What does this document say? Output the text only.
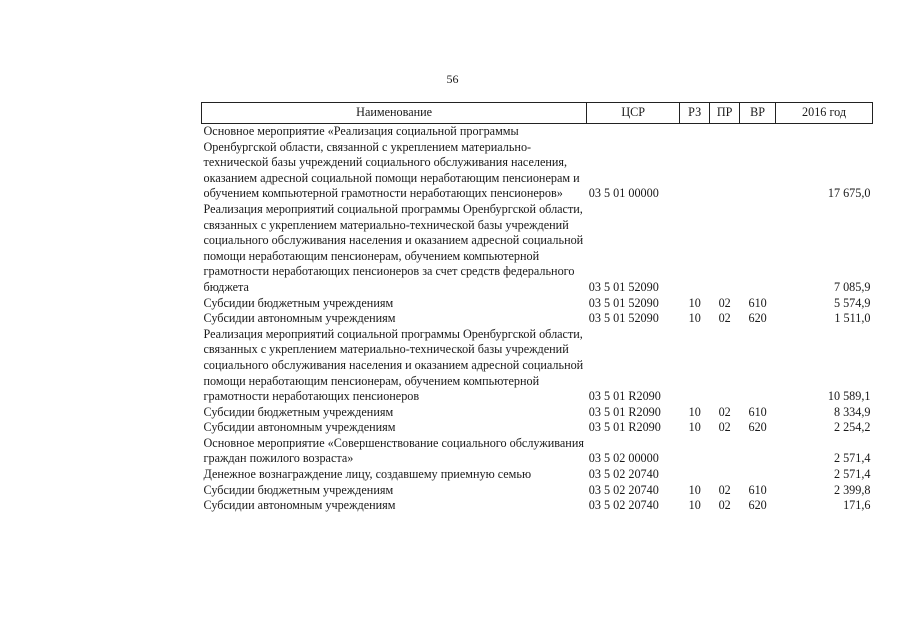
56
Наименование	ЦСР	РЗ	ПР	ВР	2016 год
Основное мероприятие «Реализация социальной программы Оренбургской области, связанной с укреплением материально-технической базы учреждений социального обслуживания населения, оказанием адресной социальной помощи неработающим пенсионерам и обучением компьютерной грамотности неработающих пенсионеров»	03 5 01 00000				17 675,0
Реализация мероприятий социальной программы Оренбургской области, связанных с укреплением материально-технической базы учреждений социального обслуживания населения и оказанием адресной социальной помощи неработающим пенсионерам, обучением компьютерной грамотности неработающих пенсионеров за счет средств федерального бюджета	03 5 01 52090				7 085,9
Субсидии бюджетным учреждениям	03 5 01 52090	10	02	610	5 574,9
Субсидии автономным учреждениям	03 5 01 52090	10	02	620	1 511,0
Реализация мероприятий социальной программы Оренбургской области, связанных с укреплением материально-технической базы учреждений социального обслуживания населения и оказанием адресной социальной помощи неработающим пенсионерам, обучением компьютерной грамотности неработающих пенсионеров	03 5 01 R2090				10 589,1
Субсидии бюджетным учреждениям	03 5 01 R2090	10	02	610	8 334,9
Субсидии автономным учреждениям	03 5 01 R2090	10	02	620	2 254,2
Основное мероприятие «Совершенствование социального обслуживания граждан пожилого возраста»	03 5 02 00000				2 571,4
Денежное вознаграждение лицу, создавшему приемную семью	03 5 02 20740				2 571,4
Субсидии бюджетным учреждениям	03 5 02 20740	10	02	610	2 399,8
Субсидии автономным учреждениям	03 5 02 20740	10	02	620	171,6
